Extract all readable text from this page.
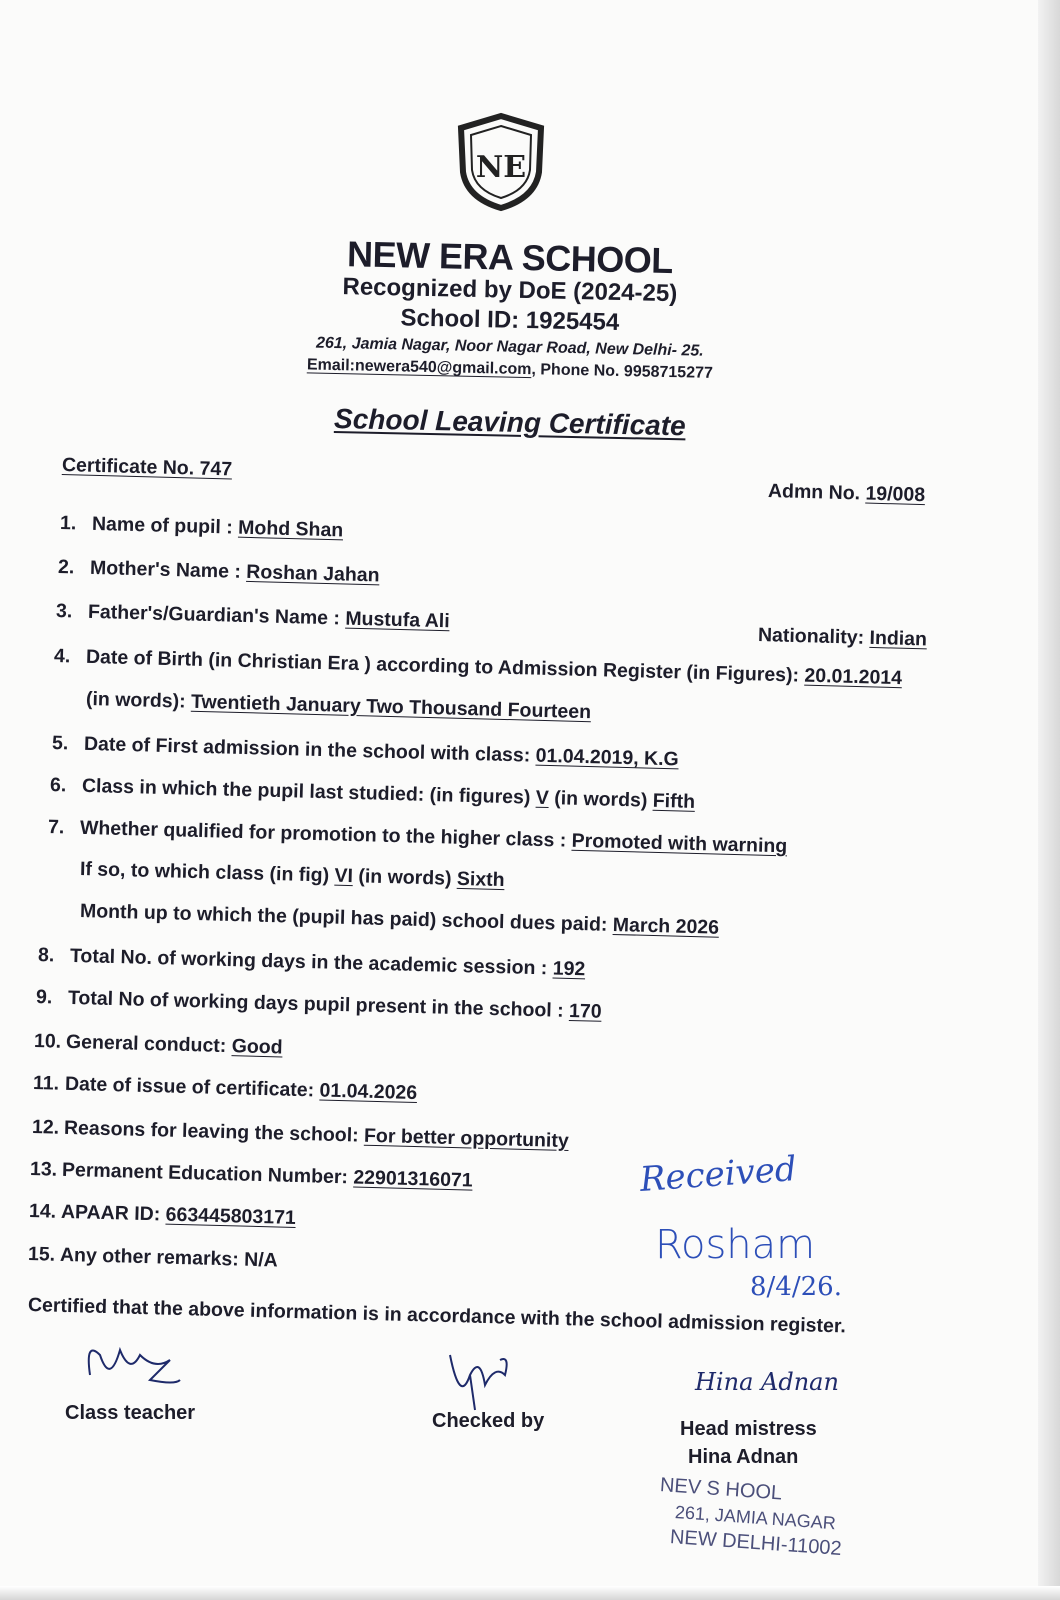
NE
NEW ERA SCHOOL
Recognized by DoE (2024-25)
School ID: 1925454
261, Jamia Nagar, Noor Nagar Road, New Delhi- 25.
Email:newera540@gmail.com, Phone No. 9958715277
School Leaving Certificate
Certificate No. 747
Admn No. 19/008
Nationality: Indian
1. Name of pupil : Mohd Shan
2. Mother's Name : Roshan Jahan
3. Father's/Guardian's Name : Mustufa Ali
4. Date of Birth (in Christian Era ) according to Admission Register (in Figures): 20.01.2014
(in words): Twentieth January Two Thousand Fourteen
5. Date of First admission in the school with class: 01.04.2019, K.G
6. Class in which the pupil last studied: (in figures) V (in words) Fifth
7. Whether qualified for promotion to the higher class : Promoted with warning
If so, to which class (in fig) VI (in words) Sixth
Month up to which the (pupil has paid) school dues paid: March 2026
8. Total No. of working days in the academic session : 192
9. Total No of working days pupil present in the school : 170
10. General conduct: Good
11. Date of issue of certificate: 01.04.2026
12. Reasons for leaving the school: For better opportunity
13. Permanent Education Number: 22901316071
14. APAAR ID: 663445803171
15. Any other remarks: N/A
Certified that the above information is in accordance with the school admission register.
Class teacher	Checked by
Hina Adnan
Head mistress
Hina Adnan
NEV S HOOL
261, JAMIA NAGAR
NEW DELHI-11002
Received
Rosham
8/4/26.
